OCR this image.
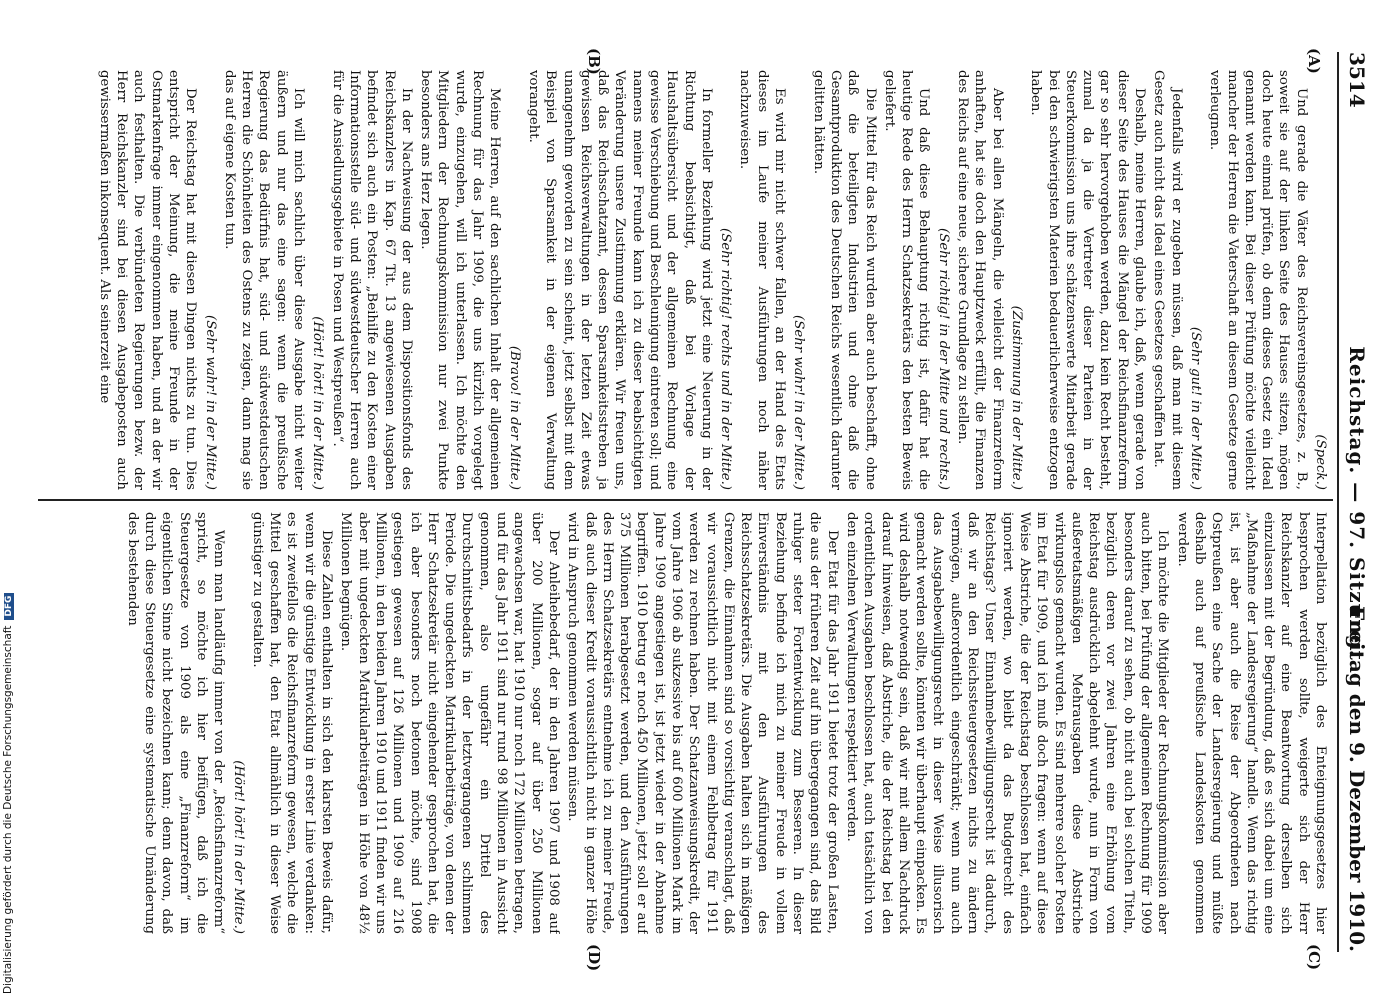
3514
Reichstag. — 97. Sitzung.
Freitag den 9. Dezember 1910.
(A)
(B)
(C)
(D)

(Speck.)

Und gerade die Väter des Reichsvereinsgesetzes, z. B., soweit sie auf der linken Seite des Hauses sitzen, mögen doch heute einmal prüfen, ob denn dieses Gesetz ein Ideal genannt werden kann. Bei dieser Prüfung möchte vielleicht mancher der Herren die Vaterschaft an diesem Gesetze gerne verleugnen.

(Sehr gut! in der Mitte.)

Jedenfalls wird er zugeben müssen, daß man mit diesem Gesetz auch nicht das Ideal eines Gesetzes geschaffen hat.

Deshalb, meine Herren, glaube ich, daß, wenn gerade von dieser Seite des Hauses die Mängel der Reichsfinanzreform gar so sehr hervorgehoben werden, dazu kein Recht besteht, zumal da ja die Vertreter dieser Parteien in der Steuerkommission uns ihre schätzenswerte Mitarbeit gerade bei den schwierigsten Materien bedauerlicherweise entzogen haben.

(Zustimmung in der Mitte.)

Aber bei allen Mängeln, die vielleicht der Finanzreform anhaften, hat sie doch den Hauptzweck erfüllt, die Finanzen des Reichs auf eine neue, sichere Grundlage zu stellen.

(Sehr richtig! in der Mitte und rechts.)

Und daß diese Behauptung richtig ist, dafür hat die heutige Rede des Herrn Schatzsekretärs den besten Beweis geliefert.

Die Mittel für das Reich wurden aber auch beschafft, ohne daß die beteiligten Industrien und ohne daß die Gesamtproduktion des Deutschen Reichs wesentlich darunter gelitten hätten.

(Sehr wahr! in der Mitte.)

Es wird mir nicht schwer fallen, an der Hand des Etats dieses im Laufe meiner Ausführungen noch näher nachzuweisen.

(Sehr richtig! rechts und in der Mitte.)

In formeller Beziehung wird jetzt eine Neuerung in der Richtung beabsichtigt, daß bei Vorlage der Haushaltsübersicht und der allgemeinen Rechnung eine gewisse Verschiebung und Beschleunigung eintreten soll; und namens meiner Freunde kann ich zu dieser beabsichtigten Veränderung unsere Zustimmung erklären. Wir freuen uns, daß das Reichsschatzamt, dessen Sparsamkeitsstreben ja gewissen Reichsverwaltungen in der letzten Zeit etwas unangenehm geworden zu sein scheint, jetzt selbst mit dem Beispiel von Sparsamkeit in der eigenen Verwaltung vorangeht.

(Bravo! in der Mitte.)

Meine Herren, auf den sachlichen Inhalt der allgemeinen Rechnung für das Jahr 1909, die uns kürzlich vorgelegt wurde, einzugehen, will ich unterlassen. Ich möchte den Mitgliedern der Rechnungskommission nur zwei Punkte besonders ans Herz legen.

In der Nachweisung der aus dem Dispositionsfonds des Reichskanzlers in Kap. 67 Tit. 13 angewiesenen Ausgaben befindet sich auch ein Posten: „Beihilfe zu den Kosten einer Informationsstelle süd- und südwestdeutscher Herren auch für die Ansiedlungsgebiete in Posen und Westpreußen“.

(Hört! hört! in der Mitte.)

Ich will mich sachlich über diese Ausgabe nicht weiter äußern und nur das eine sagen: wenn die preußische Regierung das Bedürfnis hat, süd- und südwestdeutschen Herren die Schönheiten des Ostens zu zeigen, dann mag sie das auf eigene Kosten tun.

(Sehr wahr! in der Mitte.)

Der Reichstag hat mit diesen Dingen nichts zu tun. Dies entspricht der Meinung, die meine Freunde in der Ostmarkenfrage immer eingenommen haben, und an der wir auch festhalten. Die verbündeten Regierungen bezw. der Herr Reichskanzler sind bei diesen Ausgabeposten auch gewissermaßen inkonsequent. Als seinerzeit eine

Interpellation bezüglich des Enteignungsgesetzes hier besprochen werden sollte, weigerte sich der Herr Reichskanzler auf eine Beantwortung derselben sich einzulassen mit der Begründung, daß es sich dabei um eine „Maßnahme der Landesregierung“ handle. Wenn das richtig ist, ist aber auch die Reise der Abgeordneten nach Ostpreußen eine Sache der Landesregierung und müßte deshalb auch auf preußische Landeskosten genommen werden.

Ich möchte die Mitglieder der Rechnungskommission aber auch bitten, bei Prüfung der allgemeinen Rechnung für 1909 besonders darauf zu sehen, ob nicht auch bei solchen Titeln, bezüglich deren vor zwei Jahren eine Erhöhung vom Reichstag ausdrücklich abgelehnt wurde, nun in Form von außeretatsmäßigen Mehrausgaben diese Abstriche wirkungslos gemacht wurden. Es sind mehrere solcher Posten im Etat für 1909, und ich muß doch fragen: wenn auf diese Weise Abstriche, die der Reichstag beschlossen hat, einfach ignoriert werden, wo bleibt da das Budgetrecht des Reichstags? Unser Einnahmebewilligungsrecht ist dadurch, daß wir an den Reichssteuergesetzen nichts zu ändern vermögen, außerordentlich eingeschränkt; wenn nun auch das Ausgabebewilligungsrecht in dieser Weise illusorisch gemacht werden sollte, könnten wir überhaupt einpacken. Es wird deshalb notwendig sein, daß wir mit allem Nachdruck darauf hinweisen, daß Abstriche, die der Reichstag bei den ordentlichen Ausgaben beschlossen hat, auch tatsächlich von den einzelnen Verwaltungen respektiert werden.

Der Etat für das Jahr 1911 bietet trotz der großen Lasten, die aus der früheren Zeit auf ihn übergegangen sind, das Bild ruhiger steter Fortentwicklung zum Besseren. In dieser Beziehung befinde ich mich zu meiner Freude in vollem Einverständnis mit den Ausführungen des Reichsschatzsekretärs. Die Ausgaben halten sich in mäßigen Grenzen, die Einnahmen sind so vorsichtig veranschlagt, daß wir voraussichtlich nicht mit einem Fehlbetrag für 1911 werden zu rechnen haben. Der Schatzanweisungskredit, der vom Jahre 1906 ab sukzessive bis auf 600 Millionen Mark im Jahre 1909 angestiegen ist, ist jetzt wieder in der Abnahme begriffen. 1910 betrug er noch 450 Millionen, jetzt soll er auf 375 Millionen herabgesetzt werden, und den Ausführungen des Herrn Schatzsekretärs entnehme ich zu meiner Freude, daß auch dieser Kredit voraussichtlich nicht in ganzer Höhe wird in Anspruch genommen werden müssen.

Der Anleihebedarf, der in den Jahren 1907 und 1908 auf über 200 Millionen, sogar auf über 250 Millionen angewachsen war, hat 1910 nur noch 172 Millionen betragen, und für das Jahr 1911 sind nur rund 98 Millionen in Aussicht genommen, also ungefähr ein Drittel des Durchschnittsbedarfs in der letztvergangenen schlimmen Periode. Die ungedeckten Matrikularbeiträge, von denen der Herr Schatzsekretär nicht eingehender gesprochen hat, die ich aber besonders noch betonen möchte, sind 1908 gestiegen gewesen auf 126 Millionen und 1909 auf 216 Millionen, in den beiden Jahren 1910 und 1911 finden wir uns aber mit ungedeckten Matrikularbeiträgen in Höhe von 48½ Millionen begnügen.

Diese Zahlen enthalten in sich den klarsten Beweis dafür, wenn wir die günstige Entwicklung in erster Linie verdanken: es ist zweifellos die Reichsfinanzreform gewesen, welche die Mittel geschaffen hat, den Etat allmählich in dieser Weise günstiger zu gestalten.

(Hört! hört! in der Mitte.)

Wenn man landläufig immer von der „Reichsfinanzreform“ spricht, so möchte ich hier beifügen, daß ich die Steuergesetze von 1909 als eine „Finanzreform“ im eigentlichen Sinne nicht bezeichnen kann; denn davon, daß durch diese Steuergesetze eine systematische Umänderung des bestehenden

Digitalisierung gefördert durch die Deutsche ForschungsgemeinschaftDFG
